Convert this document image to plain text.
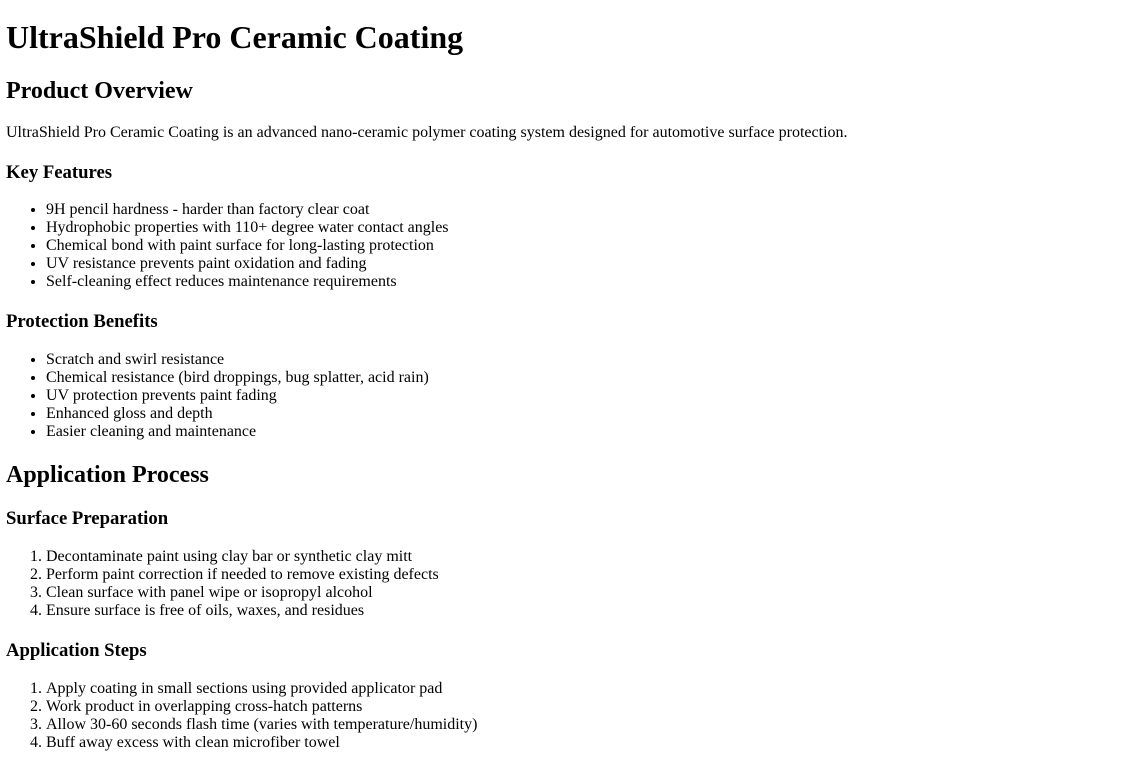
UltraShield Pro Ceramic Coating
Product Overview

UltraShield Pro Ceramic Coating is an advanced nano-ceramic polymer coating system designed for automotive surface protection.

Key Features
• 9H pencil hardness - harder than factory clear coat
• Hydrophobic properties with 110+ degree water contact angles
• Chemical bond with paint surface for long-lasting protection
• UV resistance prevents paint oxidation and fading
• Self-cleaning effect reduces maintenance requirements
Protection Benefits
• Scratch and swirl resistance
• Chemical resistance (bird droppings, bug splatter, acid rain)
• UV protection prevents paint fading
• Enhanced gloss and depth
• Easier cleaning and maintenance
Application Process
Surface Preparation
1. Decontaminate paint using clay bar or synthetic clay mitt
2. Perform paint correction if needed to remove existing defects
3. Clean surface with panel wipe or isopropyl alcohol
4. Ensure surface is free of oils, waxes, and residues
Application Steps
1. Apply coating in small sections using provided applicator pad
2. Work product in overlapping cross-hatch patterns
3. Allow 30-60 seconds flash time (varies with temperature/humidity)
4. Buff away excess with clean microfiber towel
